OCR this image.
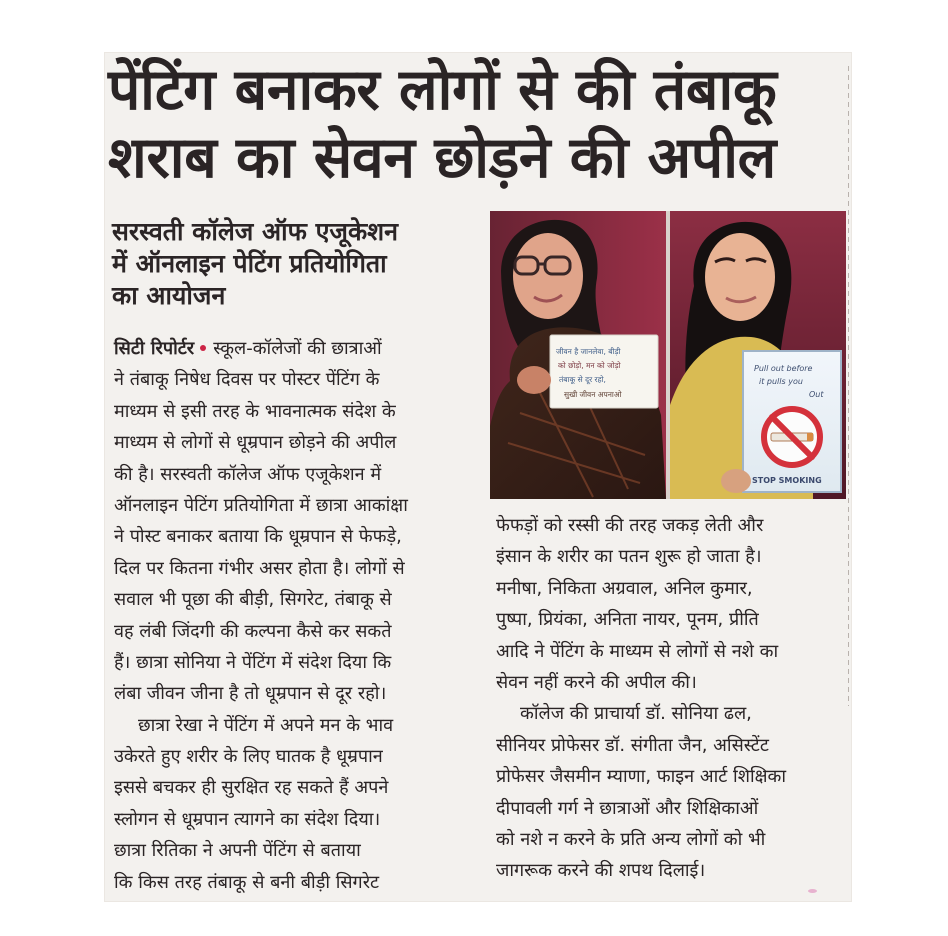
पेंटिंग बनाकर लोगों से की तंबाकू
शराब का सेवन छोड़ने की अपील
सरस्वती कॉलेज ऑफ एजूकेशन
में ऑनलाइन पेटिंग प्रतियोगिता
का आयोजन
जीवन है जानलेवा, बीड़ी
को छोड़ो, मन को जोड़ो
तंबाकू से दूर रहो,
सुखी जीवन अपनाओ
Pull out before
it pulls you
Out
STOP SMOKING

सिटी रिपोर्टर स्कूल-कॉलेजों की छात्राओं
ने तंबाकू निषेध दिवस पर पोस्टर पेंटिंग के
माध्यम से इसी तरह के भावनात्मक संदेश के
माध्यम से लोगों से धूम्रपान छोड़ने की अपील
की है। सरस्वती कॉलेज ऑफ एजूकेशन में
ऑनलाइन पेटिंग प्रतियोगिता में छात्रा आकांक्षा
ने पोस्ट बनाकर बताया कि धूम्रपान से फेफड़े,
दिल पर कितना गंभीर असर होता है। लोगों से
सवाल भी पूछा की बीड़ी, सिगरेट, तंबाकू से
वह लंबी जिंदगी की कल्पना कैसे कर सकते
हैं। छात्रा सोनिया ने पेंटिंग में संदेश दिया कि
लंबा जीवन जीना है तो धूम्रपान से दूर रहो।
छात्रा रेखा ने पेंटिंग में अपने मन के भाव
उकेरते हुए शरीर के लिए घातक है धूम्रपान
इससे बचकर ही सुरक्षित रह सकते हैं अपने
स्लोगन से धूम्रपान त्यागने का संदेश दिया।
छात्रा रितिका ने अपनी पेंटिंग से बताया
कि किस तरह तंबाकू से बनी बीड़ी सिगरेट

फेफड़ों को रस्सी की तरह जकड़ लेती और
इंसान के शरीर का पतन शुरू हो जाता है।
मनीषा, निकिता अग्रवाल, अनिल कुमार,
पुष्पा, प्रियंका, अनिता नायर, पूनम, प्रीति
आदि ने पेंटिंग के माध्यम से लोगों से नशे का
सेवन नहीं करने की अपील की।
कॉलेज की प्राचार्या डॉ. सोनिया ढल,
सीनियर प्रोफेसर डॉ. संगीता जैन, असिस्टेंट
प्रोफेसर जैसमीन म्याणा, फाइन आर्ट शिक्षिका
दीपावली गर्ग ने छात्राओं और शिक्षिकाओं
को नशे न करने के प्रति अन्य लोगों को भी
जागरूक करने की शपथ दिलाई।
